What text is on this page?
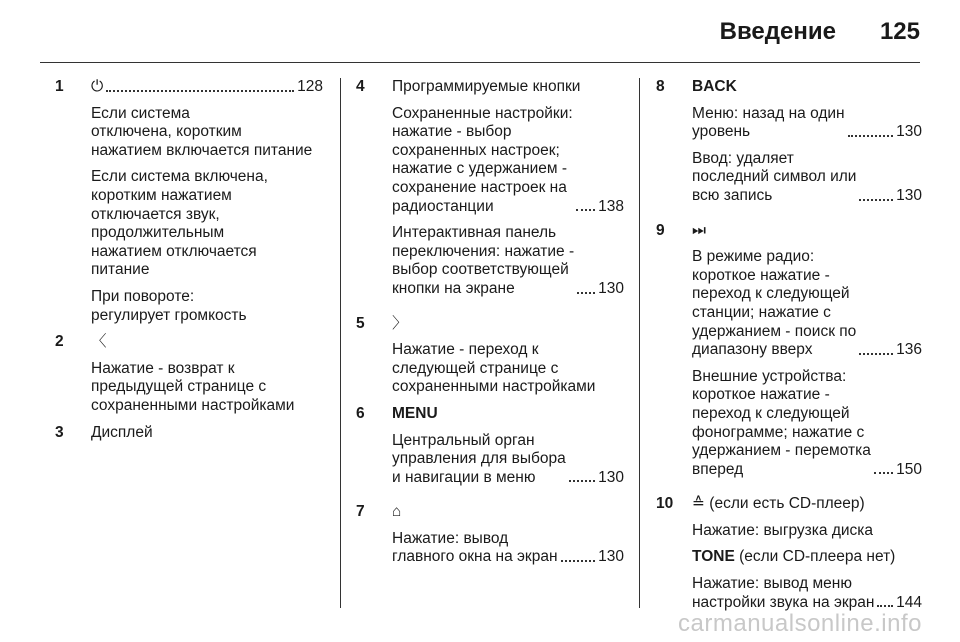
Введение 125
1	⏻	128
Если система
отключена, коротким
нажатием включается питание
Если система включена,
коротким нажатием
отключается звук,
продолжительным
нажатием отключается
питание
При повороте:
регулирует громкость
2	〈
Нажатие - возврат к
предыдущей странице с
сохраненными настройками
3	Дисплей
4	Программируемые кнопки
Сохраненные настройки:
нажатие - выбор
сохраненных настроек;
нажатие с удержанием -
сохранение настроек на
радиостанции	138
Интерактивная панель
переключения: нажатие -
выбор соответствующей
кнопки на экране	130
5	〉
Нажатие - переход к
следующей странице с
сохраненными настройками
6	MENU
Центральный орган
управления для выбора
и навигации в меню	130
7	⌂
Нажатие: вывод
главного окна на экран	130
8	BACK
Меню: назад на один
уровень	130
Ввод: удаляет
последний символ или
всю запись	130
9	⏭
В режиме радио:
короткое нажатие -
переход к следующей
станции; нажатие с
удержанием - поиск по
диапазону вверх	136
Внешние устройства:
короткое нажатие -
переход к следующей
фонограмме; нажатие с
удержанием - перемотка
вперед	150
10	≙ (если есть CD-плеер)
Нажатие: выгрузка диска
TONE (если CD-плеера нет)
Нажатие: вывод меню
настройки звука на экран 144
carmanualsonline.info
